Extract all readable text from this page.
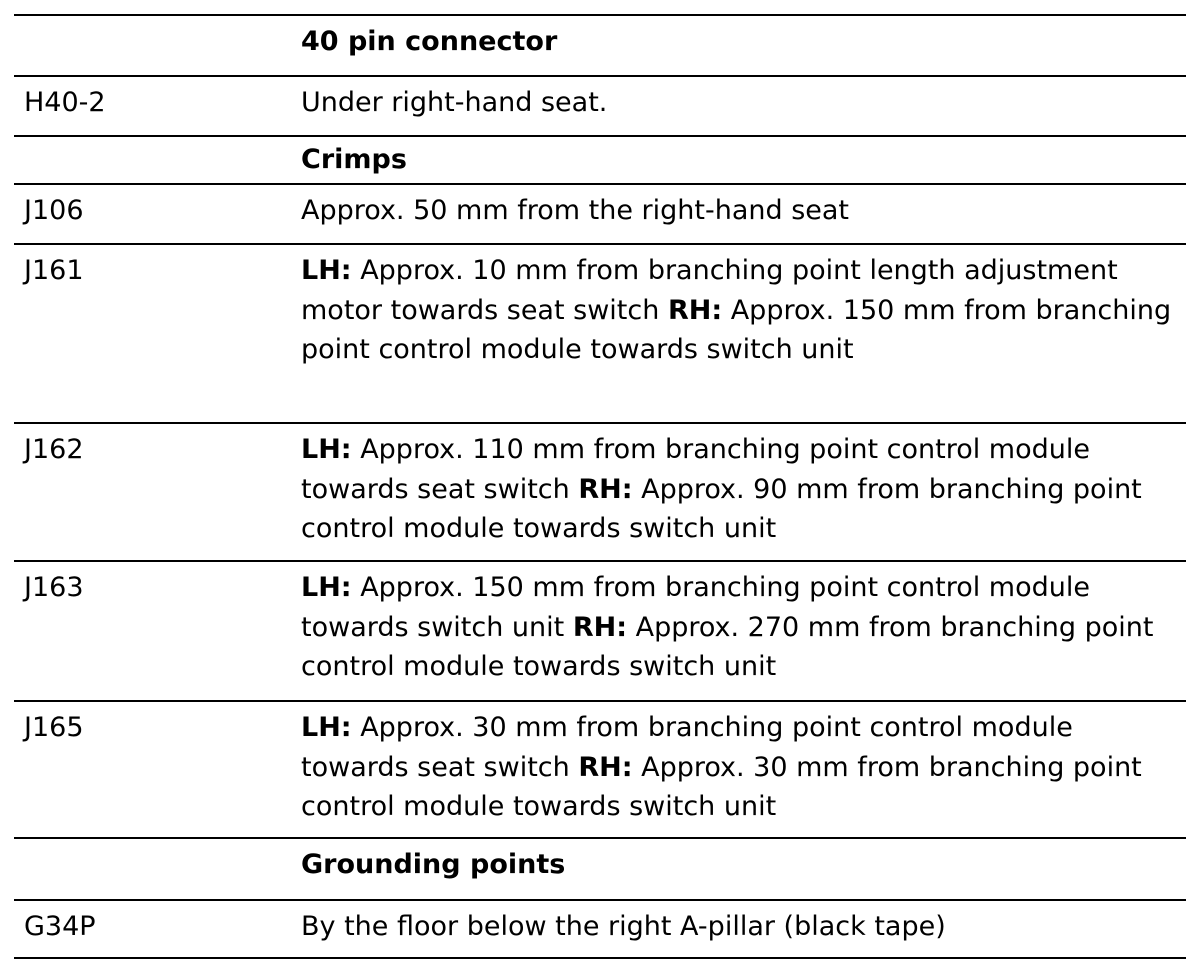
40 pin connector
H40-2	Under right-hand seat.
Crimps
J106	Approx. 50 mm from the right-hand seat
J161	LH: Approx. 10 mm from branching point length adjustment motor towards seat switch RH: Approx. 150 mm from branching point control module towards switch unit
J162	LH: Approx. 110 mm from branching point control module towards seat switch RH: Approx. 90 mm from branching point control module towards switch unit
J163	LH: Approx. 150 mm from branching point control module towards switch unit RH: Approx. 270 mm from branching point control module towards switch unit
J165	LH: Approx. 30 mm from branching point control module towards seat switch RH: Approx. 30 mm from branching point control module towards switch unit
Grounding points
G34P	By the floor below the right A-pillar (black tape)
